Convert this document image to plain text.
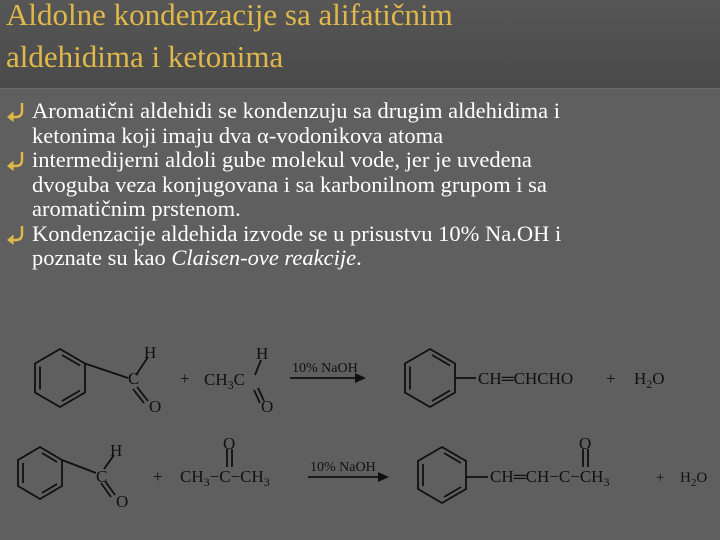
Aldolne kondenzacije sa alifatičnim
aldehidima i ketonima
Aromatični aldehidi se kondenzuju sa drugim aldehidima i
ketonima koji imaju dva α-vodonikova atoma
intermedijerni aldoli gube molekul vode, jer je uvedena
dvoguba veza konjugovana i sa karbonilnom grupom i sa
aromatičnim prstenom.
Kondenzacije aldehida izvode se u prisustvu 10% Na.OH i
poznate su kao Claisen-ove reakcije.
H
C
O
+
H
$CH_3C$
O
10% NaOH
CH═CHCHO + $H_2O$
H
C
O
+
O
$CH_3-C-CH_3$
10% NaOH
O
$CH═CH-C-CH_3$	+ $H_2O$
